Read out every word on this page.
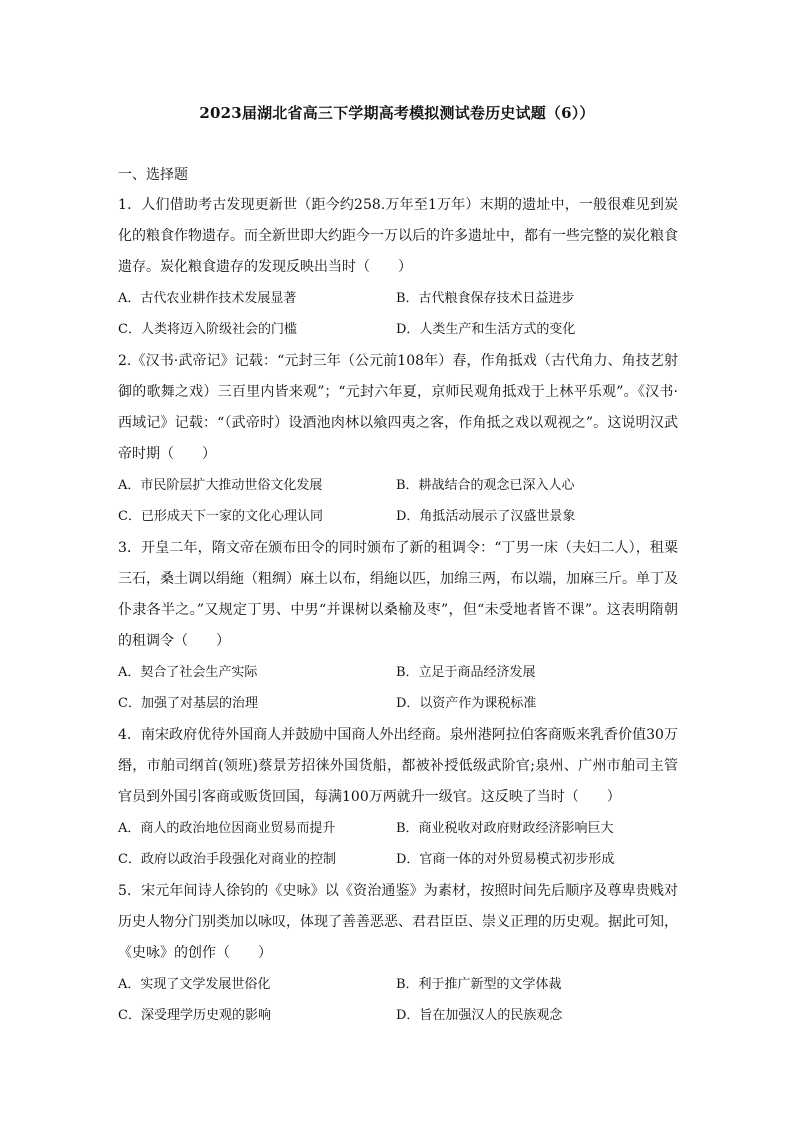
2023届湖北省高三下学期高考模拟测试卷历史试题（6））
一、选择题
1．人们借助考古发现更新世（距今约258.万年至1万年）末期的遗址中，一般很难见到炭化的粮食作物遗存。而全新世即大约距今一万以后的许多遗址中，都有一些完整的炭化粮食遗存。炭化粮食遗存的发现反映出当时（　　）
A．古代农业耕作技术发展显著	B．古代粮食保存技术日益进步
C．人类将迈入阶级社会的门槛	D．人类生产和生活方式的变化
2.《汉书·武帝记》记载：“元封三年（公元前108年）春，作角抵戏（古代角力、角技艺射御的歌舞之戏）三百里内皆来观”；“元封六年夏，京师民观角抵戏于上林平乐观”。《汉书·西域记》记载：“（武帝时）设酒池肉林以飨四夷之客，作角抵之戏以观视之”。这说明汉武帝时期（　　）
A．市民阶层扩大推动世俗文化发展	B．耕战结合的观念已深入人心
C．已形成天下一家的文化心理认同	D．角抵活动展示了汉盛世景象
3．开皇二年，隋文帝在颁布田令的同时颁布了新的租调令：“丁男一床（夫妇二人），租粟三石，桑土调以绢絁（粗绸）麻土以布，绢絁以匹，加绵三两，布以端，加麻三斤。单丁及仆隶各半之。”又规定丁男、中男“并课树以桑榆及枣”，但“未受地者皆不课”。这表明隋朝的租调令（　　）
A．契合了社会生产实际	B．立足于商品经济发展
C．加强了对基层的治理	D．以资产作为课税标准
4．南宋政府优待外国商人并鼓励中国商人外出经商。泉州港阿拉伯客商贩来乳香价值30万缗，市舶司纲首(领班)蔡景芳招徕外国货船，都被补授低级武阶官;泉州、广州市舶司主管官员到外国引客商或贩货回国，每满100万两就升一级官。这反映了当时（　　）
A．商人的政治地位因商业贸易而提升	B．商业税收对政府财政经济影响巨大
C．政府以政治手段强化对商业的控制	D．官商一体的对外贸易模式初步形成
5．宋元年间诗人徐钧的《史咏》以《资治通鉴》为素材，按照时间先后顺序及尊卑贵贱对历史人物分门别类加以咏叹，体现了善善恶恶、君君臣臣、崇义正理的历史观。据此可知，《史咏》的创作（　　）
A．实现了文学发展世俗化	B．利于推广新型的文学体裁
C．深受理学历史观的影响	D．旨在加强汉人的民族观念
